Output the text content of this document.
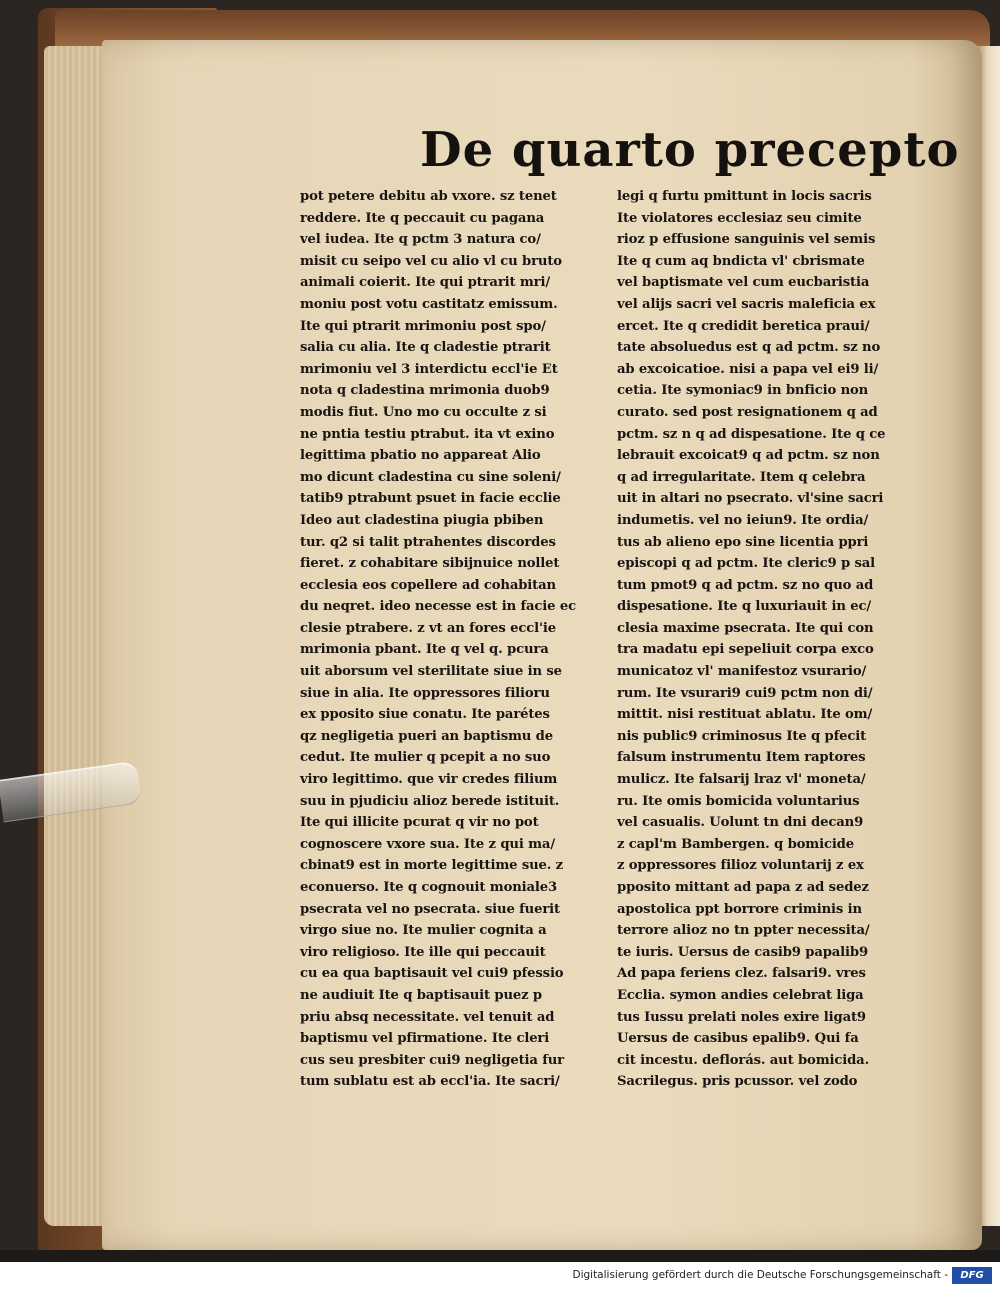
De quarto precepto
pot petere debitu ab vxore. sz tenet
reddere. Ite q peccauit cu pagana
vel iudea. Ite q pctm 3 natura co/
misit cu seipo vel cu alio vl cu bruto
animali coierit. Ite qui ptrarit mri/
moniu post votu castitatz emissum.
Ite qui ptrarit mrimoniu post spo/
salia cu alia. Ite q cladestie ptrarit
mrimoniu vel 3 interdictu eccl'ie Et
nota q cladestina mrimonia duob9
modis fiut. Uno mo cu occulte z si
ne pntia testiu ptrabut. ita vt exino
legittima pbatio no appareat Alio
mo dicunt cladestina cu sine soleni/
tatib9 ptrabunt psuet in facie ecclie
Ideo aut cladestina piugia pbiben
tur. q2 si talit ptrahentes discordes
fieret. z cohabitare sibijnuice nollet
ecclesia eos copellere ad cohabitan
du neqret. ideo necesse est in facie ec
clesie ptrabere. z vt an fores eccl'ie
mrimonia pbant. Ite q vel q. pcura
uit aborsum vel sterilitate siue in se
siue in alia. Ite oppressores filioru
ex pposito siue conatu. Ite parétes
qz negligetia pueri an baptismu de
cedut. Ite mulier q pcepit a no suo
viro legittimo. que vir credes filium
suu in pjudiciu alioz berede istituit.
Ite qui illicite pcurat q vir no pot
cognoscere vxore sua. Ite z qui ma/
cbinat9 est in morte legittime sue. z
econuerso. Ite q cognouit moniale3
psecrata vel no psecrata. siue fuerit
virgo siue no. Ite mulier cognita a
viro religioso. Ite ille qui peccauit
cu ea qua baptisauit vel cui9 pfessio
ne audiuit Ite q baptisauit puez p
priu absq necessitate. vel tenuit ad
baptismu vel pfirmatione. Ite cleri
cus seu presbiter cui9 negligetia fur
tum sublatu est ab eccl'ia. Ite sacri/
legi q furtu pmittunt in locis sacris
Ite violatores ecclesiaz seu cimite
rioz p effusione sanguinis vel semis
Ite q cum aq bndicta vl' cbrismate
vel baptismate vel cum eucbaristia
vel alijs sacri vel sacris maleficia ex
ercet. Ite q credidit beretica praui/
tate absoluedus est q ad pctm. sz no
ab excoicatioe. nisi a papa vel ei9 li/
cetia. Ite symoniac9 in bnficio non
curato. sed post resignationem q ad
pctm. sz n q ad dispesatione. Ite q ce
lebrauit excoicat9 q ad pctm. sz non
q ad irregularitate. Item q celebra
uit in altari no psecrato. vl'sine sacri
indumetis. vel no ieiun9. Ite ordia/
tus ab alieno epo sine licentia ppri
episcopi q ad pctm. Ite cleric9 p sal
tum pmot9 q ad pctm. sz no quo ad
dispesatione. Ite q luxuriauit in ec/
clesia maxime psecrata. Ite qui con
tra madatu epi sepeliuit corpa exco
municatoz vl' manifestoz vsurario/
rum. Ite vsurari9 cui9 pctm non di/
mittit. nisi restituat ablatu. Ite om/
nis public9 criminosus Ite q pfecit
falsum instrumentu Item raptores
mulicz. Ite falsarij lraz vl' moneta/
ru. Ite omis bomicida voluntarius
vel casualis. Uolunt tn dni decan9
z capl'm Bambergen. q bomicide
z oppressores filioz voluntarij z ex
pposito mittant ad papa z ad sedez
apostolica ppt borrore criminis in
terrore alioz no tn ppter necessita/
te iuris. Uersus de casib9 papalib9
Ad papa feriens clez. falsari9. vres
Ecclia. symon andies celebrat liga
tus Iussu prelati noles exire ligat9
Uersus de casibus epalib9. Qui fa
cit incestu. deflorás. aut bomicida.
Sacrilegus. pris pcussor. vel zodo
Digitalisierung gefördert durch die Deutsche Forschungsgemeinschaft -	DFG
